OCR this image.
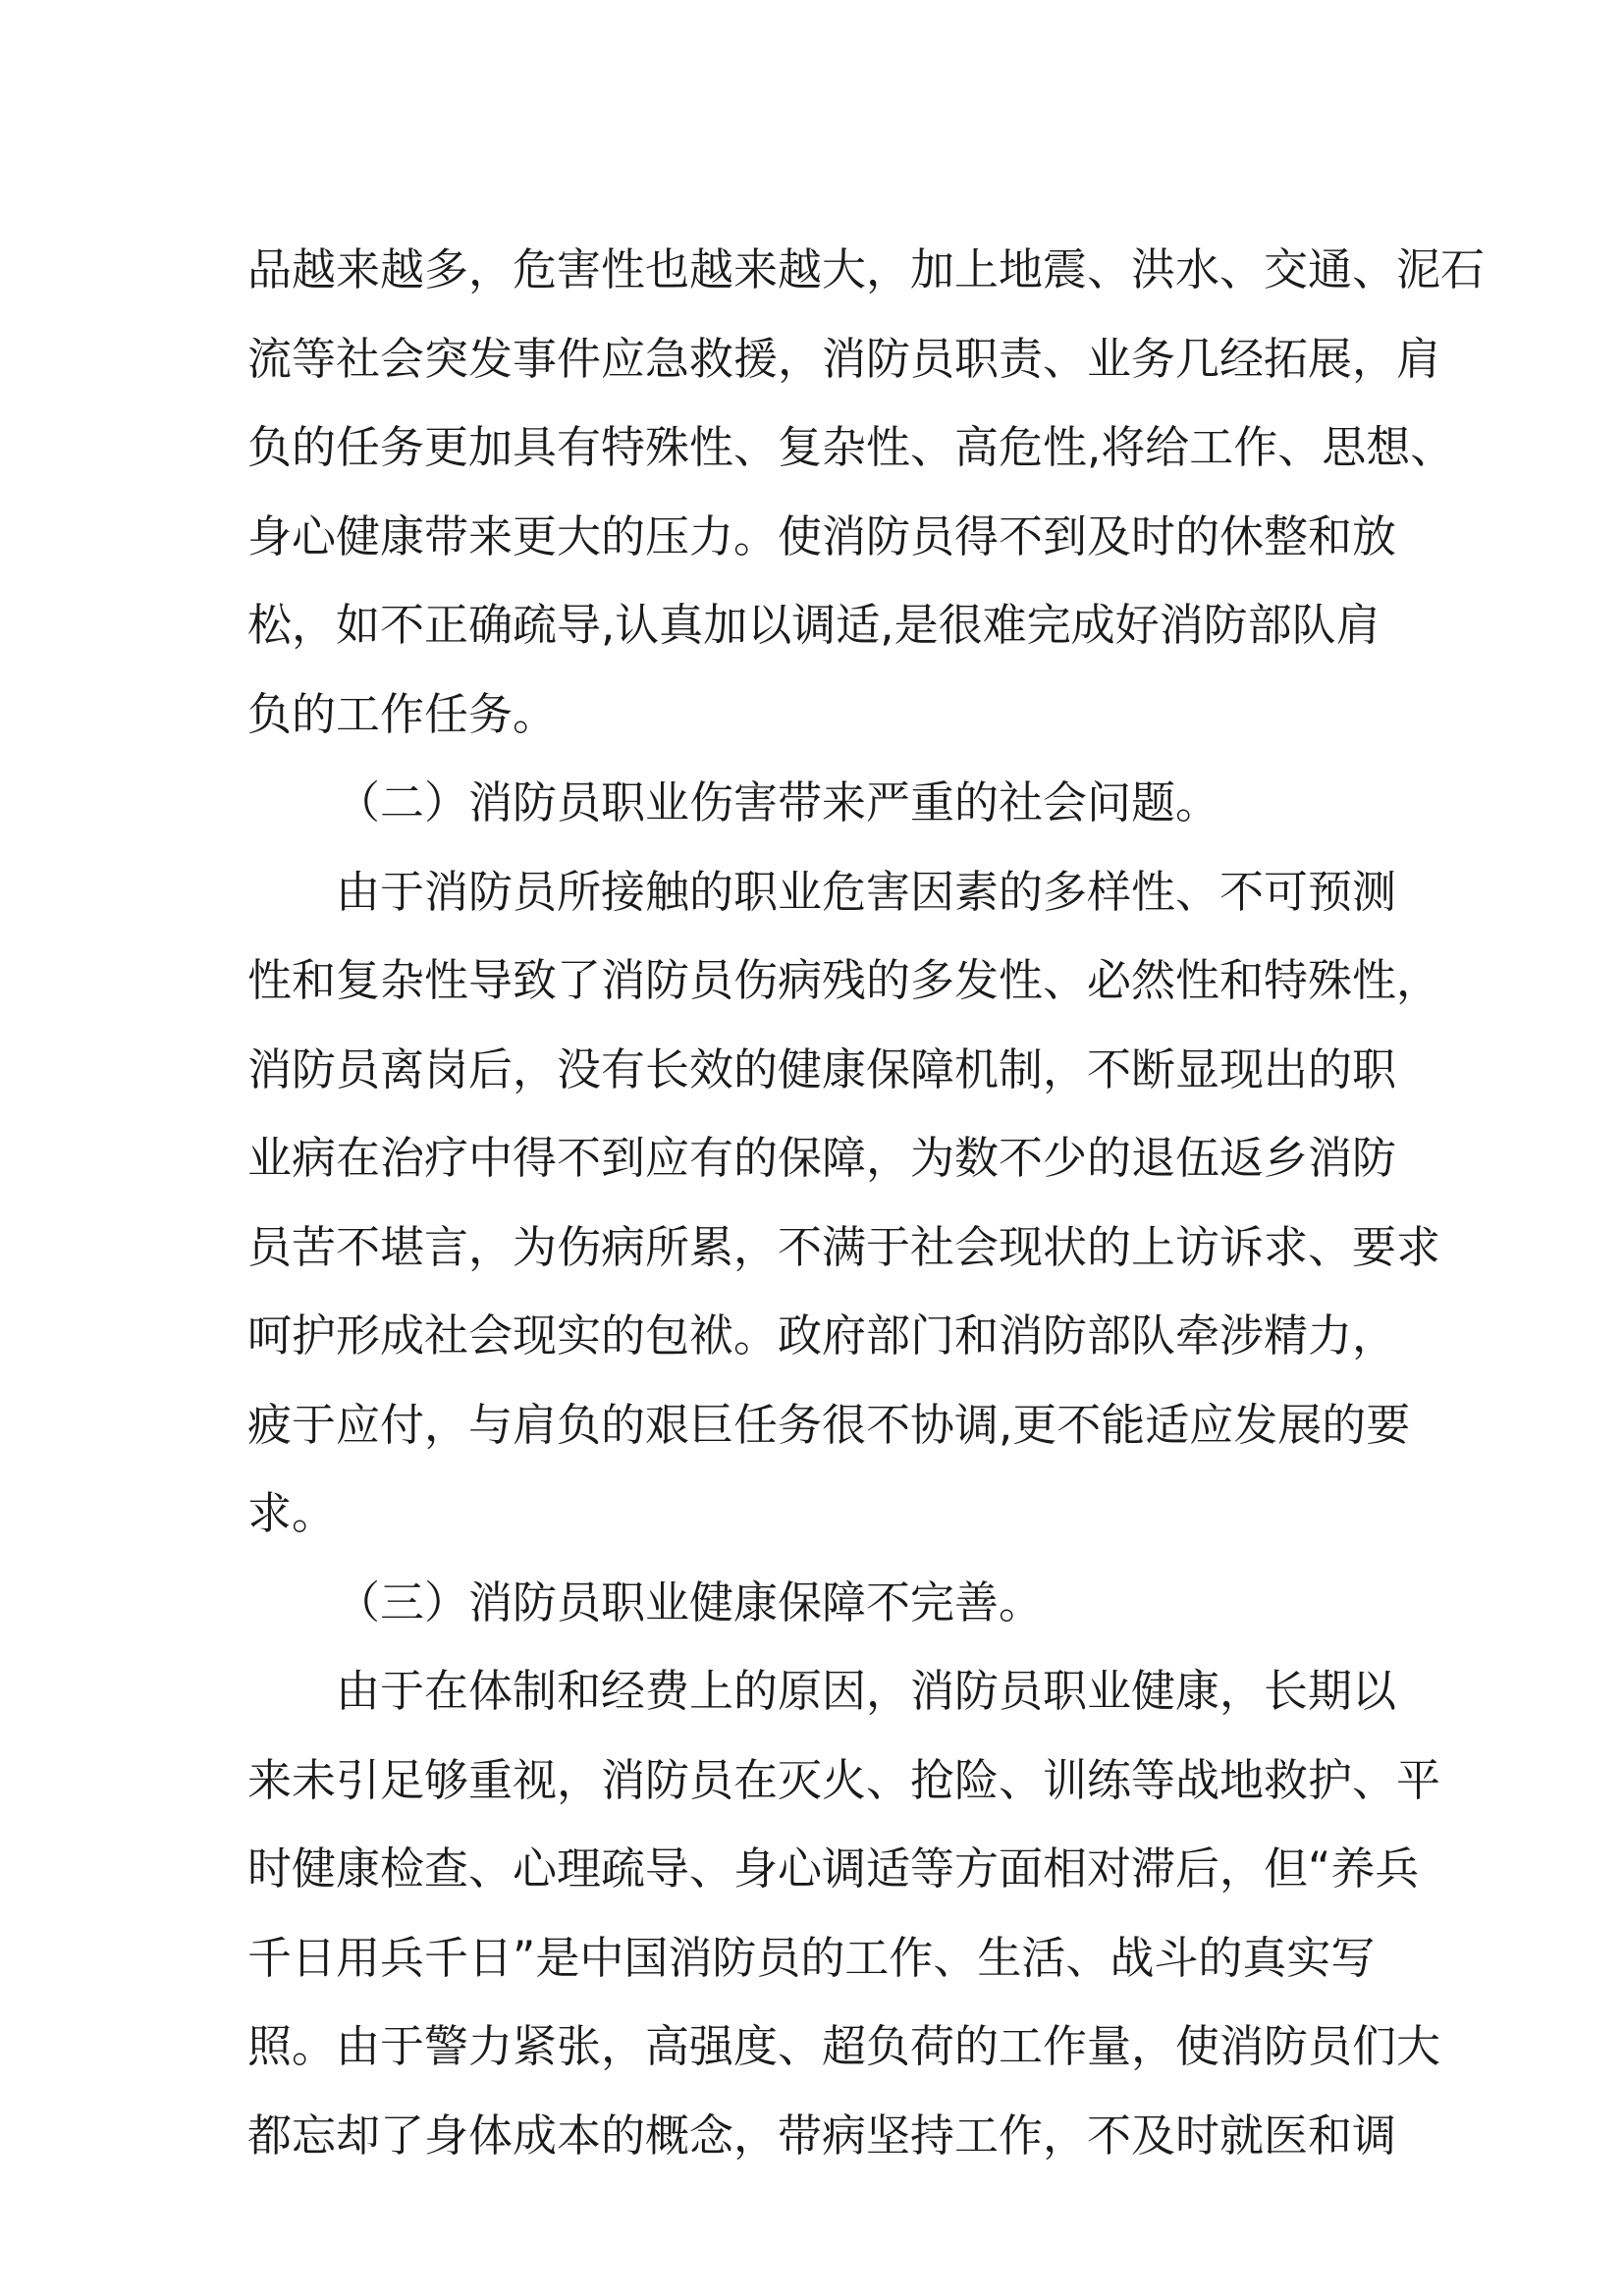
品越来越多，危害性也越来越大，加上地震、洪水、交通、泥石
流等社会突发事件应急救援，消防员职责、业务几经拓展，肩
负的任务更加具有特殊性、复杂性、高危性,将给工作、思想、
身心健康带来更大的压力。使消防员得不到及时的休整和放
松，如不正确疏导,认真加以调适,是很难完成好消防部队肩
负的工作任务。
（二）消防员职业伤害带来严重的社会问题。
由于消防员所接触的职业危害因素的多样性、不可预测
性和复杂性导致了消防员伤病残的多发性、必然性和特殊性，
消防员离岗后，没有长效的健康保障机制，不断显现出的职
业病在治疗中得不到应有的保障，为数不少的退伍返乡消防
员苦不堪言，为伤病所累，不满于社会现状的上访诉求、要求
呵护形成社会现实的包袱。政府部门和消防部队牵涉精力，
疲于应付，与肩负的艰巨任务很不协调,更不能适应发展的要
求。
（三）消防员职业健康保障不完善。
由于在体制和经费上的原因，消防员职业健康，长期以
来未引足够重视，消防员在灭火、抢险、训练等战地救护、平
时健康检查、心理疏导、身心调适等方面相对滞后，但“养兵
千日用兵千日”是中国消防员的工作、生活、战斗的真实写
照。由于警力紧张，高强度、超负荷的工作量，使消防员们大
都忘却了身体成本的概念，带病坚持工作，不及时就医和调
